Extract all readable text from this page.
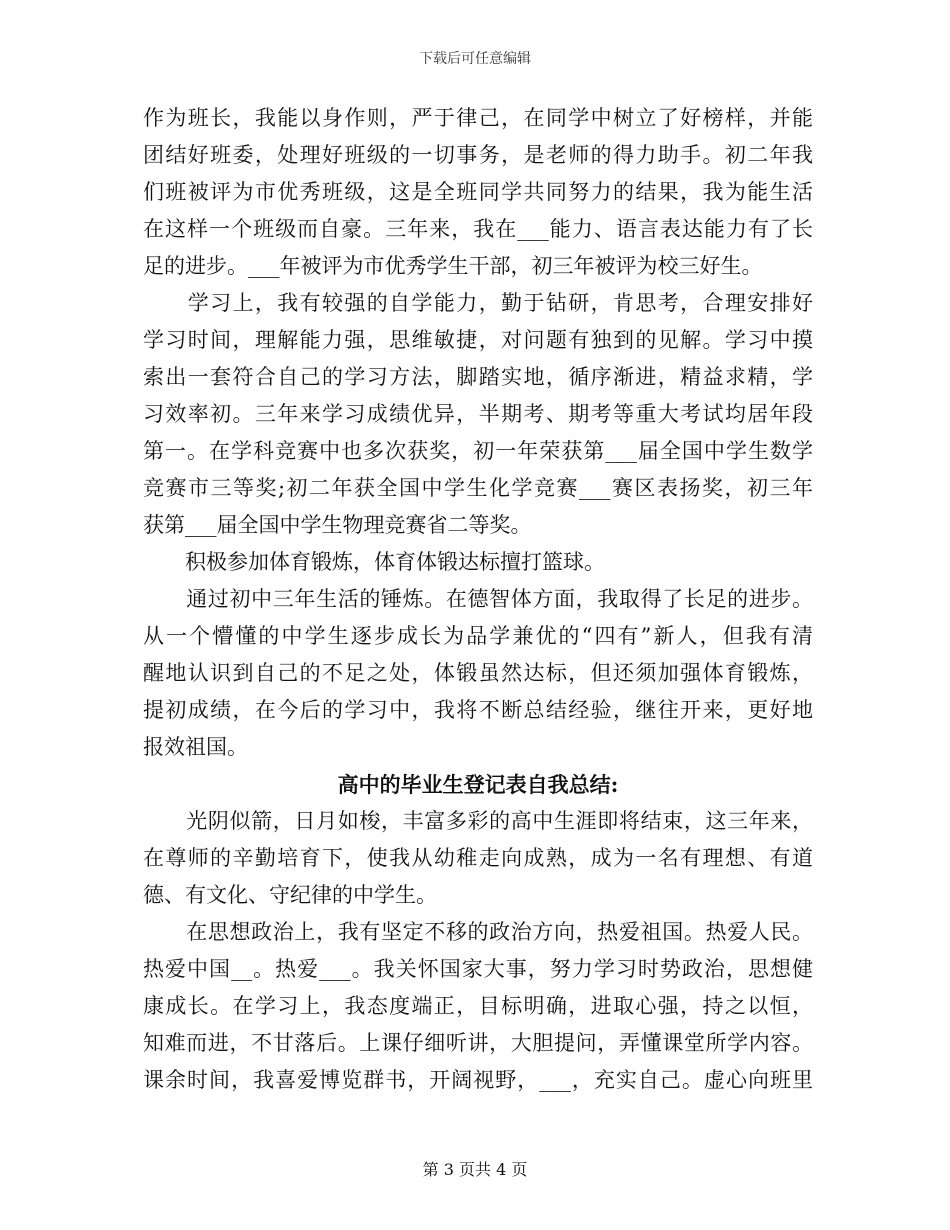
下载后可任意编辑
作为班长，我能以身作则，严于律己，在同学中树立了好榜样，并能
团结好班委，处理好班级的一切事务，是老师的得力助手。初二年我
们班被评为市优秀班级，这是全班同学共同努力的结果，我为能生活
在这样一个班级而自豪。三年来，我在___能力、语言表达能力有了长
足的进步。___年被评为市优秀学生干部，初三年被评为校三好生。
　　学习上，我有较强的自学能力，勤于钻研，肯思考，合理安排好
学习时间，理解能力强，思维敏捷，对问题有独到的见解。学习中摸
索出一套符合自己的学习方法，脚踏实地，循序渐进，精益求精，学
习效率初。三年来学习成绩优异，半期考、期考等重大考试均居年段
第一。在学科竞赛中也多次获奖，初一年荣获第___届全国中学生数学
竞赛市三等奖;初二年获全国中学生化学竞赛___赛区表扬奖，初三年
获第___届全国中学生物理竞赛省二等奖。
　　积极参加体育锻炼，体育体锻达标擅打篮球。
　　通过初中三年生活的锤炼。在德智体方面，我取得了长足的进步。
从一个懵懂的中学生逐步成长为品学兼优的“四有”新人，但我有清
醒地认识到自己的不足之处，体锻虽然达标，但还须加强体育锻炼，
提初成绩，在今后的学习中，我将不断总结经验，继往开来，更好地
报效祖国。
高中的毕业生登记表自我总结:
　　光阴似箭，日月如梭，丰富多彩的高中生涯即将结束，这三年来，
在尊师的辛勤培育下，使我从幼稚走向成熟，成为一名有理想、有道
德、有文化、守纪律的中学生。
　　在思想政治上，我有坚定不移的政治方向，热爱祖国。热爱人民。
热爱中国__。热爱___。我关怀国家大事，努力学习时势政治，思想健
康成长。在学习上，我态度端正，目标明确，进取心强，持之以恒，
知难而进，不甘落后。上课仔细听讲，大胆提问，弄懂课堂所学内容。
课余时间，我喜爱博览群书，开阔视野，___，充实自己。虚心向班里
第 3 页共 4 页
